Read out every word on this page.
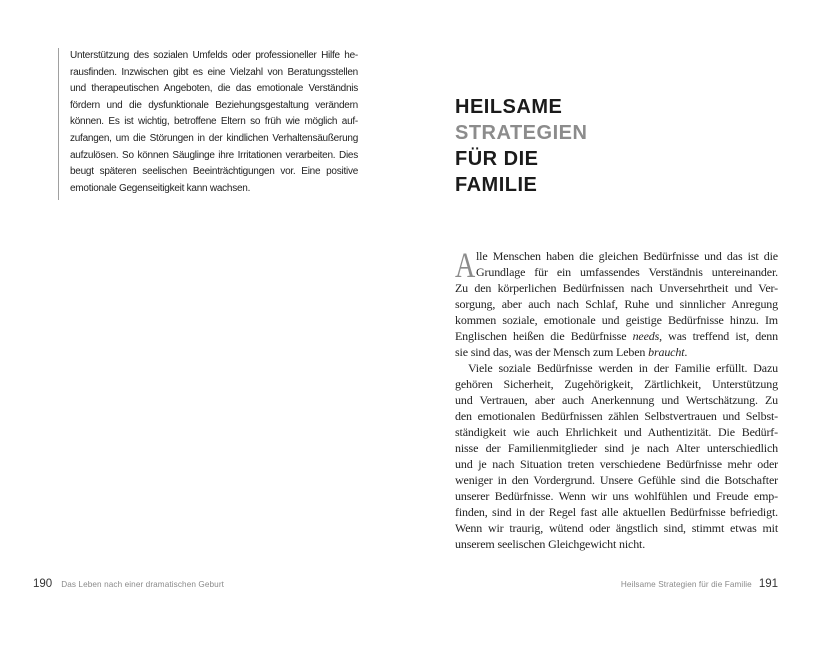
Unterstützung des sozialen Umfelds oder professioneller Hilfe he-
rausfinden. Inzwischen gibt es eine Vielzahl von Beratungsstellen
und therapeutischen Angeboten, die das emotionale Verständnis
fördern und die dysfunktionale Beziehungsgestaltung verändern
können. Es ist wichtig, betroffene Eltern so früh wie möglich auf-
zufangen, um die Störungen in der kindlichen Verhaltensäußerung
aufzulösen. So können Säuglinge ihre Irritationen verarbeiten. Dies
beugt späteren seelischen Beeinträchtigungen vor. Eine positive
emotionale Gegenseitigkeit kann wachsen.
190 Das Leben nach einer dramatischen Geburt
HEILSAME
STRATEGIEN
FÜR DIE
FAMILIE
A lle Menschen haben die gleichen Bedürfnisse und das ist die
Grundlage für ein umfassendes Verständnis untereinander.
Zu den körperlichen Bedürfnissen nach Unversehrtheit und Ver-
sorgung, aber auch nach Schlaf, Ruhe und sinnlicher Anregung
kommen soziale, emotionale und geistige Bedürfnisse hinzu. Im
Englischen heißen die Bedürfnisse needs, was treffend ist, denn
sie sind das, was der Mensch zum Leben braucht.
Viele soziale Bedürfnisse werden in der Familie erfüllt. Dazu
gehören Sicherheit, Zugehörigkeit, Zärtlichkeit, Unterstützung
und Vertrauen, aber auch Anerkennung und Wertschätzung. Zu
den emotionalen Bedürfnissen zählen Selbstvertrauen und Selbst-
ständigkeit wie auch Ehrlichkeit und Authentizität. Die Bedürf-
nisse der Familienmitglieder sind je nach Alter unterschiedlich
und je nach Situation treten verschiedene Bedürfnisse mehr oder
weniger in den Vordergrund. Unsere Gefühle sind die Botschafter
unserer Bedürfnisse. Wenn wir uns wohlfühlen und Freude emp-
finden, sind in der Regel fast alle aktuellen Bedürfnisse befriedigt.
Wenn wir traurig, wütend oder ängstlich sind, stimmt etwas mit
unserem seelischen Gleichgewicht nicht.
Heilsame Strategien für die Familie 191
